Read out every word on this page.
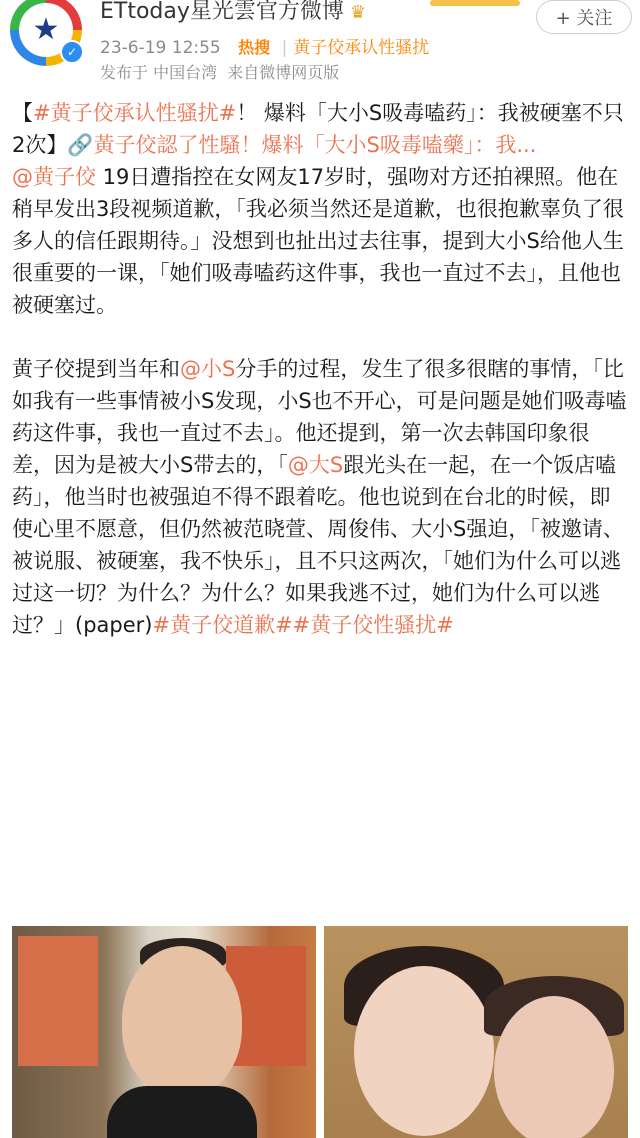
★
✓
ETtoday星光雲官方微博 ♛
23-6-19 12:55 热搜 | 黄子佼承认性骚扰
发布于 中国台湾 来自微博网页版
+ 关注

【#黄子佼承认性骚扰#！ 爆料「大小S吸毒嗑药」：我被硬塞不只2次】🔗黃子佼認了性騷！爆料「大小S吸毒嗑藥」：我...
@黄子佼 19日遭指控在女网友17岁时，强吻对方还拍裸照。他在稍早发出3段视频道歉，「我必须当然还是道歉，也很抱歉辜负了很多人的信任跟期待。」没想到也扯出过去往事，提到大小S给他人生很重要的一课，「她们吸毒嗑药这件事，我也一直过不去」，且他也被硬塞过。

黄子佼提到当年和@小S分手的过程，发生了很多很瞎的事情，「比如我有一些事情被小S发现，小S也不开心，可是问题是她们吸毒嗑药这件事，我也一直过不去」。他还提到，第一次去韩国印象很差，因为是被大小S带去的，「@大S跟光头在一起，在一个饭店嗑药」，他当时也被强迫不得不跟着吃。他也说到在台北的时候，即使心里不愿意，但仍然被范晓萱、周俊伟、大小S强迫，「被邀请、被说服、被硬塞，我不快乐」，且不只这两次，「她们为什么可以逃过这一切？为什么？为什么？如果我逃不过，她们为什么可以逃过？」(paper)#黄子佼道歉##黄子佼性骚扰#
